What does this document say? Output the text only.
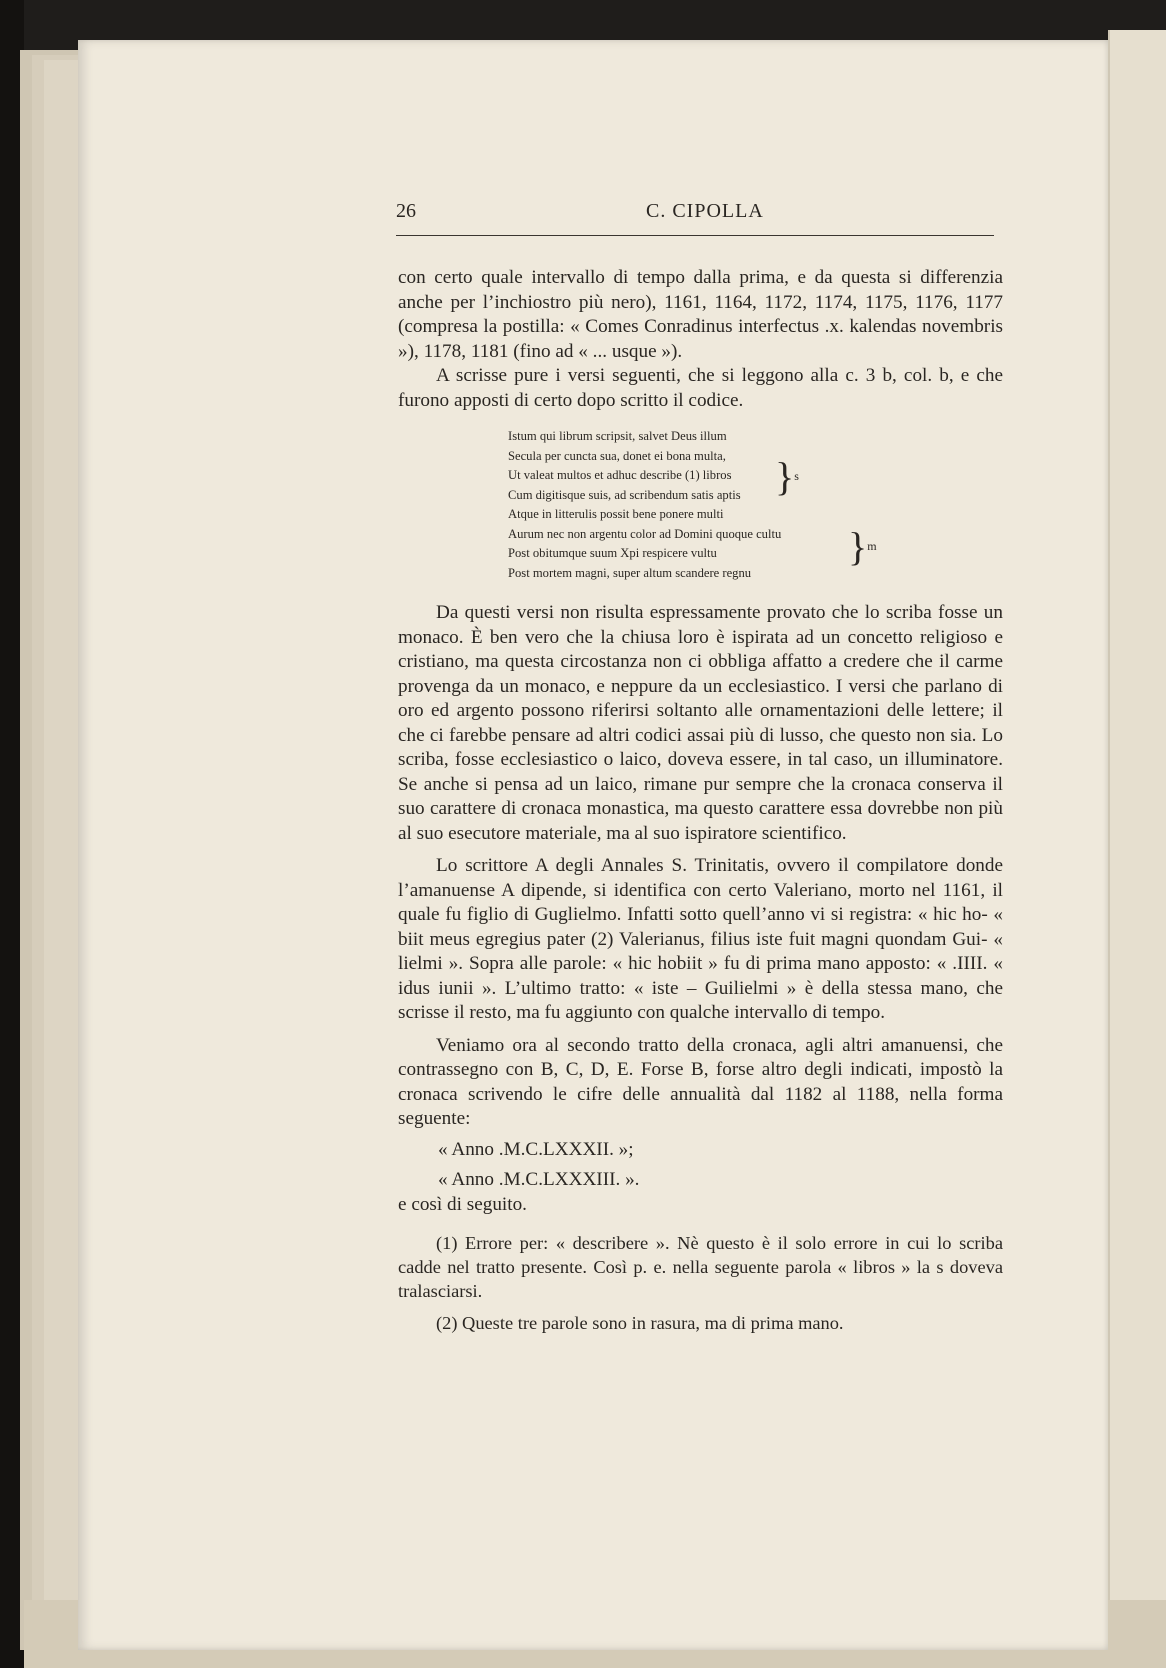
26	C. CIPOLLA

con certo quale intervallo di tempo dalla prima, e da questa si differenzia anche per l’inchiostro più nero), 1161, 1164, 1172, 1174, 1175, 1176, 1177 (compresa la postilla: « Comes Conradinus interfectus .x. kalendas novembris »), 1178, 1181 (fino ad « ... usque »).

A scrisse pure i versi seguenti, che si leggono alla c. 3 b, col. b, e che furono apposti di certo dopo scritto il codice.

Istum qui librum scripsit, salvet Deus illum
Secula per cuncta sua, donet ei bona multa,
Ut valeat multos et adhuc describe (1) libros
Cum digitisque suis, ad scribendum satis aptis
Atque in litterulis possit bene ponere multi
Aurum nec non argentu color ad Domini quoque cultu
Post obitumque suum Xpi respicere vultu
Post mortem magni, super altum scandere regnu
}s
}m

Da questi versi non risulta espressamente provato che lo scriba fosse un monaco. È ben vero che la chiusa loro è ispirata ad un concetto religioso e cristiano, ma questa circostanza non ci obbliga affatto a credere che il carme provenga da un monaco, e neppure da un ecclesiastico. I versi che parlano di oro ed argento possono riferirsi soltanto alle ornamentazioni delle lettere; il che ci farebbe pensare ad altri codici assai più di lusso, che questo non sia. Lo scriba, fosse ecclesiastico o laico, doveva essere, in tal caso, un illuminatore. Se anche si pensa ad un laico, rimane pur sempre che la cronaca conserva il suo carattere di cronaca monastica, ma questo carattere essa dovrebbe non più al suo esecutore materiale, ma al suo ispiratore scientifico.

Lo scrittore A degli Annales S. Trinitatis, ovvero il compilatore donde l’amanuense A dipende, si identifica con certo Valeriano, morto nel 1161, il quale fu figlio di Guglielmo. Infatti sotto quell’anno vi si registra: « hic ho- « biit meus egregius pater (2) Valerianus, filius iste fuit magni quondam Gui- « lielmi ». Sopra alle parole: « hic hobiit » fu di prima mano apposto: « .IIII. « idus iunii ». L’ultimo tratto: « iste – Guilielmi » è della stessa mano, che scrisse il resto, ma fu aggiunto con qualche intervallo di tempo.

Veniamo ora al secondo tratto della cronaca, agli altri amanuensi, che contrassegno con B, C, D, E. Forse B, forse altro degli indicati, impostò la cronaca scrivendo le cifre delle annualità dal 1182 al 1188, nella forma seguente:

« Anno .M.C.LXXXII. »;
« Anno .M.C.LXXXIII. ».

e così di seguito.

(1) Errore per: « describere ». Nè questo è il solo errore in cui lo scriba cadde nel tratto presente. Così p. e. nella seguente parola « libros » la s doveva tralasciarsi.

(2) Queste tre parole sono in rasura, ma di prima mano.
